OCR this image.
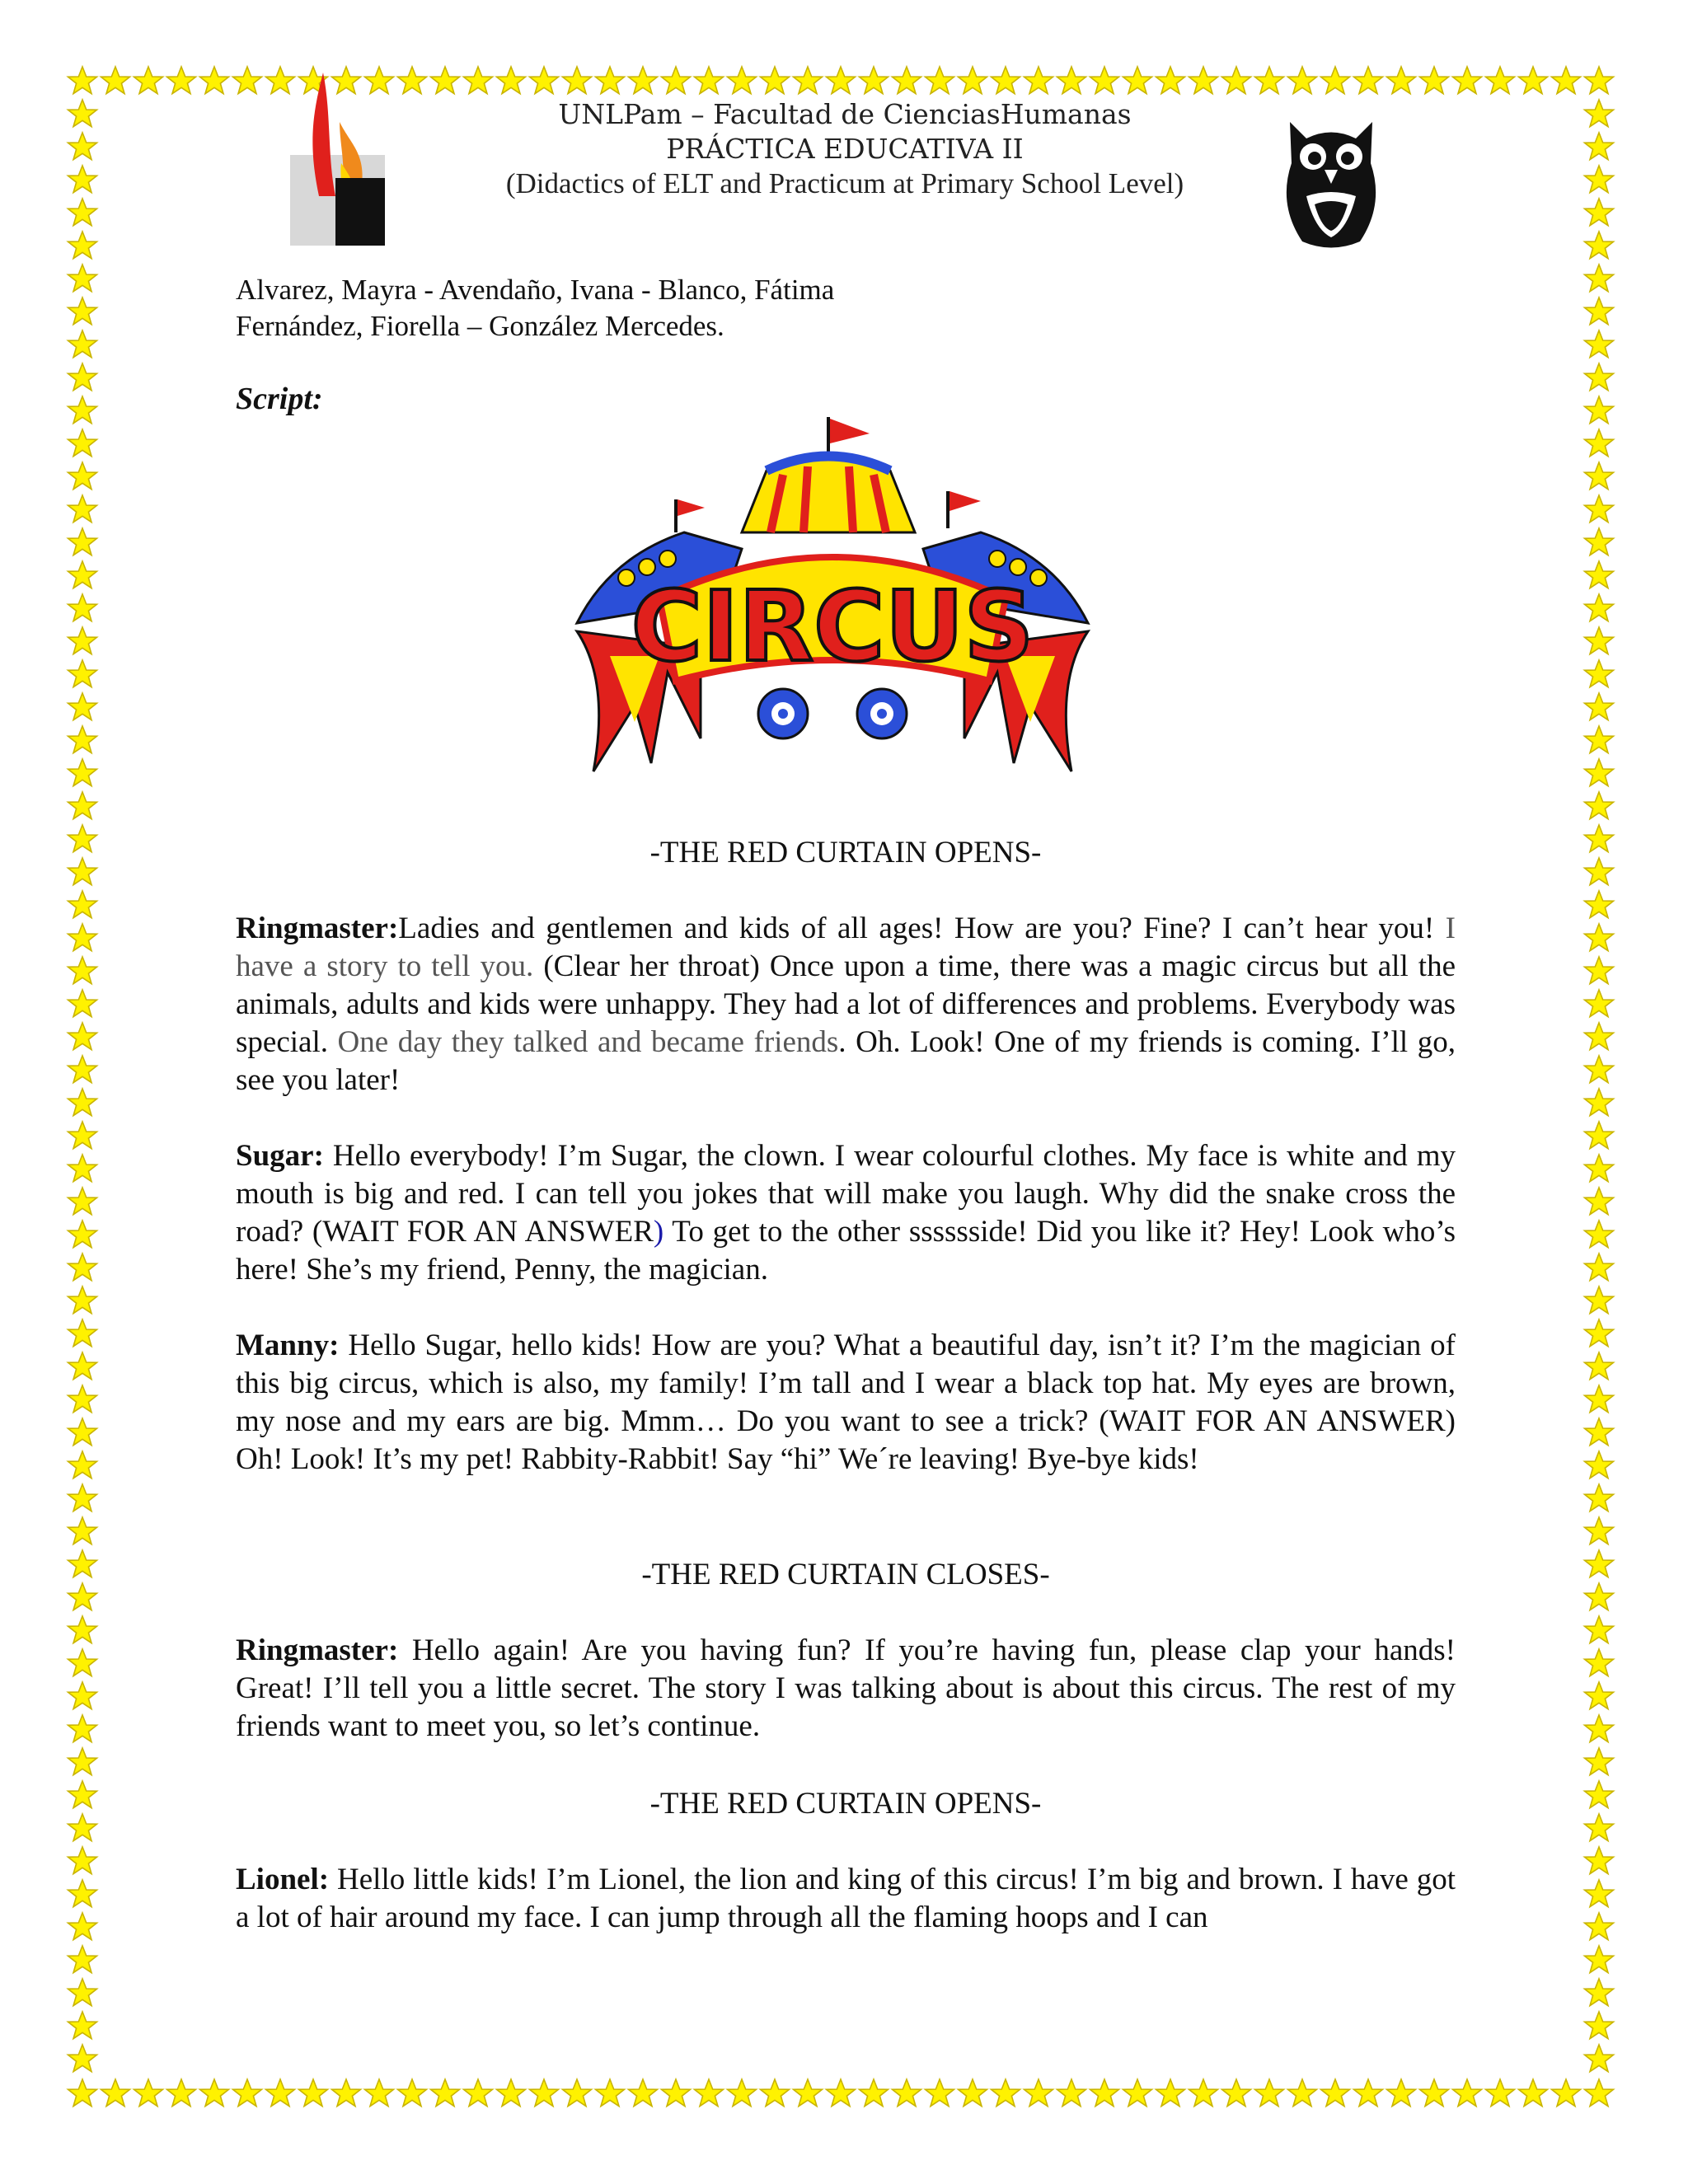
UNLPam – Facultad de CienciasHumanas
PRÁCTICA EDUCATIVA II
(Didactics of ELT and Practicum at Primary School Level)
Alvarez, Mayra - Avendaño, Ivana - Blanco, Fátima
Fernández, Fiorella – González Mercedes.
Script:
CIRCUS
-THE RED CURTAIN OPENS-
Ringmaster:Ladies and gentlemen and kids of all ages! How are you? Fine? I can’t hear you! I have a story to tell you. (Clear her throat) Once upon a time, there was a magic circus but all the animals, adults and kids were unhappy. They had a lot of differences and problems. Everybody was special. One day they talked and became friends. Oh. Look! One of my friends is coming. I’ll go, see you later!
Sugar: Hello everybody! I’m Sugar, the clown. I wear colourful clothes. My face is white and my mouth is big and red. I can tell you jokes that will make you laugh. Why did the snake cross the road? (WAIT FOR AN ANSWER) To get to the other sssssside! Did you like it? Hey! Look who’s here! She’s my friend, Penny, the magician.
Manny: Hello Sugar, hello kids! How are you? What a beautiful day, isn’t it? I’m the magician of this big circus, which is also, my family! I’m tall and I wear a black top hat. My eyes are brown, my nose and my ears are big. Mmm… Do you want to see a trick? (WAIT FOR AN ANSWER) Oh! Look! It’s my pet! Rabbity-Rabbit! Say “hi” We´re leaving! Bye-bye kids!
-THE RED CURTAIN CLOSES-
Ringmaster: Hello again! Are you having fun? If you’re having fun, please clap your hands! Great! I’ll tell you a little secret. The story I was talking about is about this circus. The rest of my friends want to meet you, so let’s continue.
-THE RED CURTAIN OPENS-
Lionel: Hello little kids! I’m Lionel, the lion and king of this circus! I’m big and brown. I have got a lot of hair around my face. I can jump through all the flaming hoops and I can
